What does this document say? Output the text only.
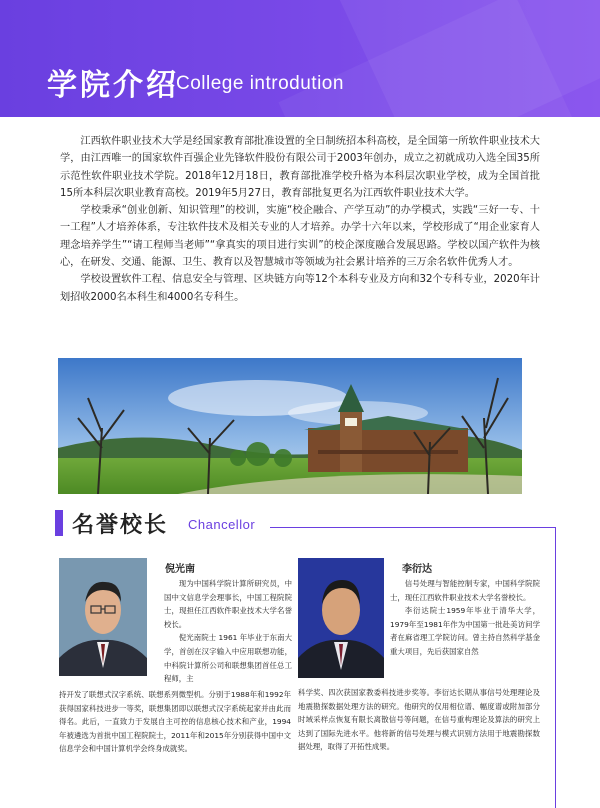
学院介绍
College introdution

江西软件职业技术大学是经国家教育部批准设置的全日制统招本科高校，是全国第一所软件职业技术大学，由江西唯一的国家软件百强企业先锋软件股份有限公司于2003年创办，成立之初就成功入选全国35所示范性软件职业技术学院。2018年12月18日，教育部批准学校升格为本科层次职业学校，成为全国首批15所本科层次职业教育高校。2019年5月27日，教育部批复更名为江西软件职业技术大学。

学校秉承“创业创新、知识管理”的校训，实施“校企融合、产学互动”的办学模式，实践“三好一专、十一工程”人才培养体系，专注软件技术及相关专业的人才培养。办学十六年以来，学校形成了“用企业家育人理念培养学生”“请工程师当老师”“拿真实的项目进行实训”的校企深度融合发展思路。学校以国产软件为核心，在研发、交通、能源、卫生、教育以及智慧城市等领域为社会累计培养的三万余名软件优秀人才。

学校设置软件工程、信息安全与管理、区块链方向等12个本科专业及方向和32个专科专业，2020年计划招收2000名本科生和4000名专科生。

名誉校长 Chancellor
倪光南

现为中国科学院计算所研究员，中国中文信息学会理事长，中国工程院院士，现担任江西软件职业技术大学名誉校长。

倪光南院士 1961 年毕业于东南大学，首创在汉字输入中应用联想功能，中科院计算所公司和联想集团首任总工程师，主

持开发了联想式汉字系统、联想系列微型机。分别于1988年和1992年获得国家科技进步一等奖，联想集团即以联想式汉字系统起家并由此而得名。此后，一直致力于发展自主可控的信息核心技术和产业，1994年被遴选为首批中国工程院院士，2011年和2015年分别获得中国中文信息学会和中国计算机学会终身成就奖。

李衍达

信号处理与智能控制专家，中国科学院院士，现任江西软件职业技术大学名誉校长。

李衍达院士1959年毕业于清华大学，1979年至1981年作为中国第一批赴美访问学者在麻省理工学院访问。曾主持自然科学基金重大项目，先后获国家自然

科学奖、四次获国家教委科技进步奖等。李衍达长期从事信号处理理论及地震勘探数据处理方法的研究。他研究的仅用相位谱、幅度谱或附加部分时域采样点恢复有限长离散信号等问题，在信号重构理论及算法的研究上达到了国际先进水平。他将新的信号处理与模式识别方法用于地震勘探数据处理，取得了开拓性成果。
